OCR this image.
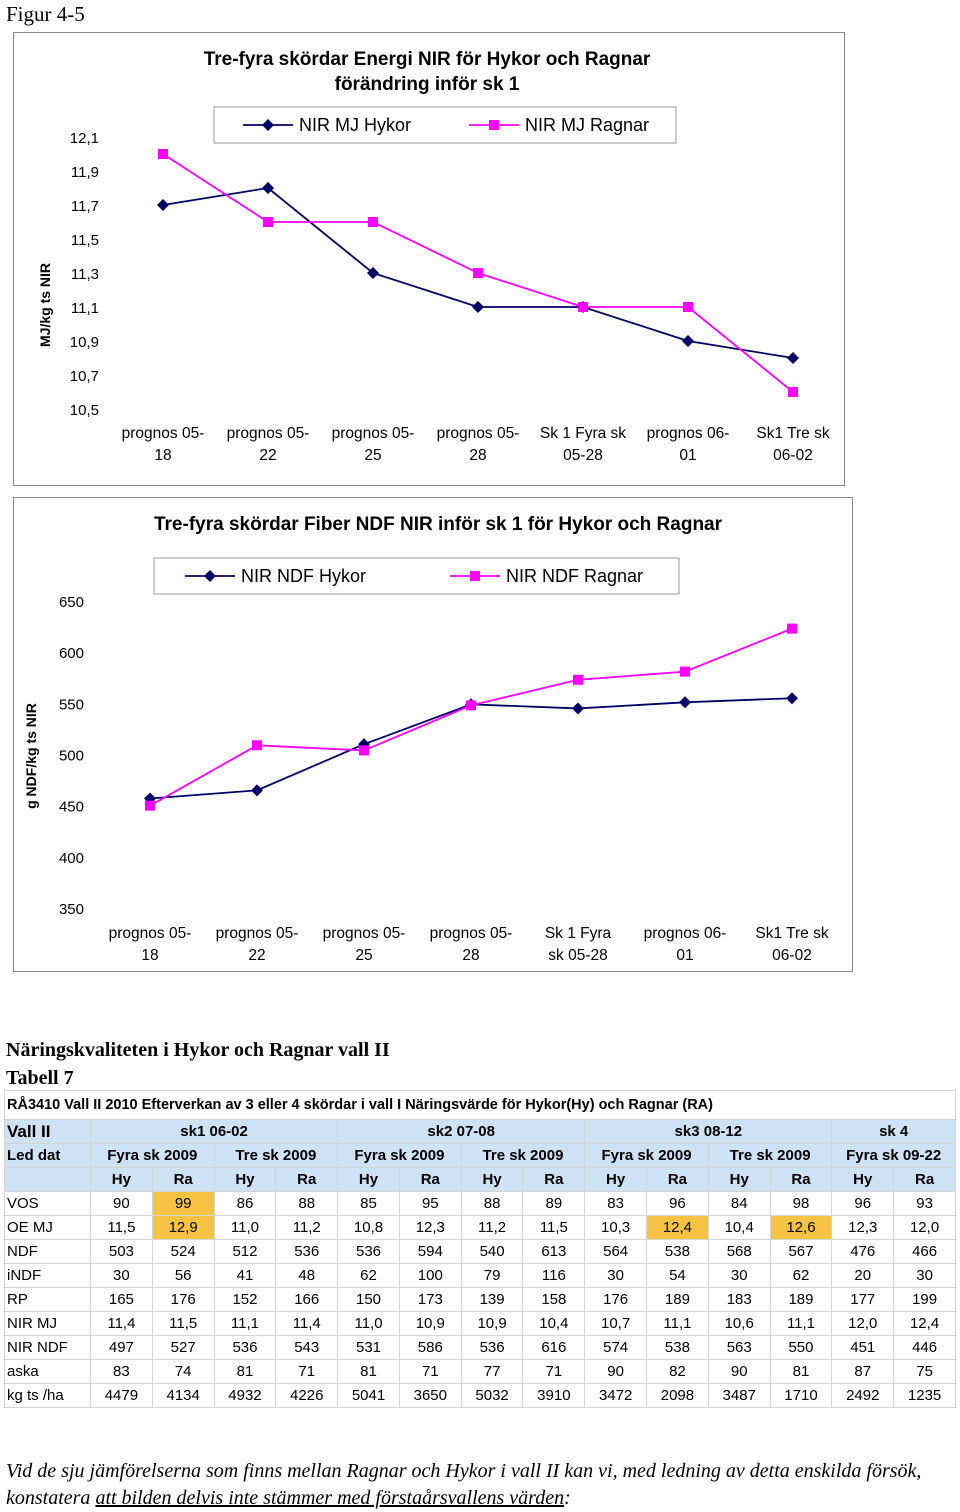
Figur 4-5
Tre-fyra skördar Energi NIR för Hykor och Ragnar
förändring inför sk 1
NIR MJ Hykor	NIR MJ Ragnar
MJ/kg ts NIR
12,1
11,9
11,7
11,5
11,3
11,1
10,9
10,7
10,5
prognos 05-
18
prognos 05-
22
prognos 05-
25
prognos 05-
28
Sk 1 Fyra sk
05-28
prognos 06-
01
Sk1 Tre sk
06-02
Tre-fyra skördar Fiber NDF NIR inför sk 1 för Hykor och Ragnar
NIR NDF Hykor	NIR NDF Ragnar
g NDF/kg ts NIR
650
600
550
500
450
400
350
prognos 05-
18
prognos 05-
22
prognos 05-
25
prognos 05-
28
Sk 1 Fyra
sk 05-28
prognos 06-
01
Sk1 Tre sk
06-02
Näringskvaliteten i Hykor och Ragnar vall II
Tabell 7
RÅ3410 Vall II 2010 Efterverkan av 3 eller 4 skördar i vall I Näringsvärde för Hykor(Hy) och Ragnar (RA)														
Vall II	sk1 06-02				sk2 07-08				sk3 08-12				sk 4	
Led dat	Fyra sk 2009		Tre sk 2009		Fyra sk 2009		Tre sk 2009		Fyra sk 2009		Tre sk 2009		Fyra sk 09-22	
	Hy	Ra	Hy	Ra	Hy	Ra	Hy	Ra	Hy	Ra	Hy	Ra	Hy	Ra
VOS	90	99	86	88	85	95	88	89	83	96	84	98	96	93
OE MJ	11,5	12,9	11,0	11,2	10,8	12,3	11,2	11,5	10,3	12,4	10,4	12,6	12,3	12,0
NDF	503	524	512	536	536	594	540	613	564	538	568	567	476	466
iNDF	30	56	41	48	62	100	79	116	30	54	30	62	20	30
RP	165	176	152	166	150	173	139	158	176	189	183	189	177	199
NIR MJ	11,4	11,5	11,1	11,4	11,0	10,9	10,9	10,4	10,7	11,1	10,6	11,1	12,0	12,4
NIR NDF	497	527	536	543	531	586	536	616	574	538	563	550	451	446
aska	83	74	81	71	81	71	77	71	90	82	90	81	87	75
kg ts /ha	4479	4134	4932	4226	5041	3650	5032	3910	3472	2098	3487	1710	2492	1235
Vid de sju jämförelserna som finns mellan Ragnar och Hykor i vall II kan vi, med ledning av detta enskilda försök, konstatera att bilden delvis inte stämmer med förstaårsvallens värden:
